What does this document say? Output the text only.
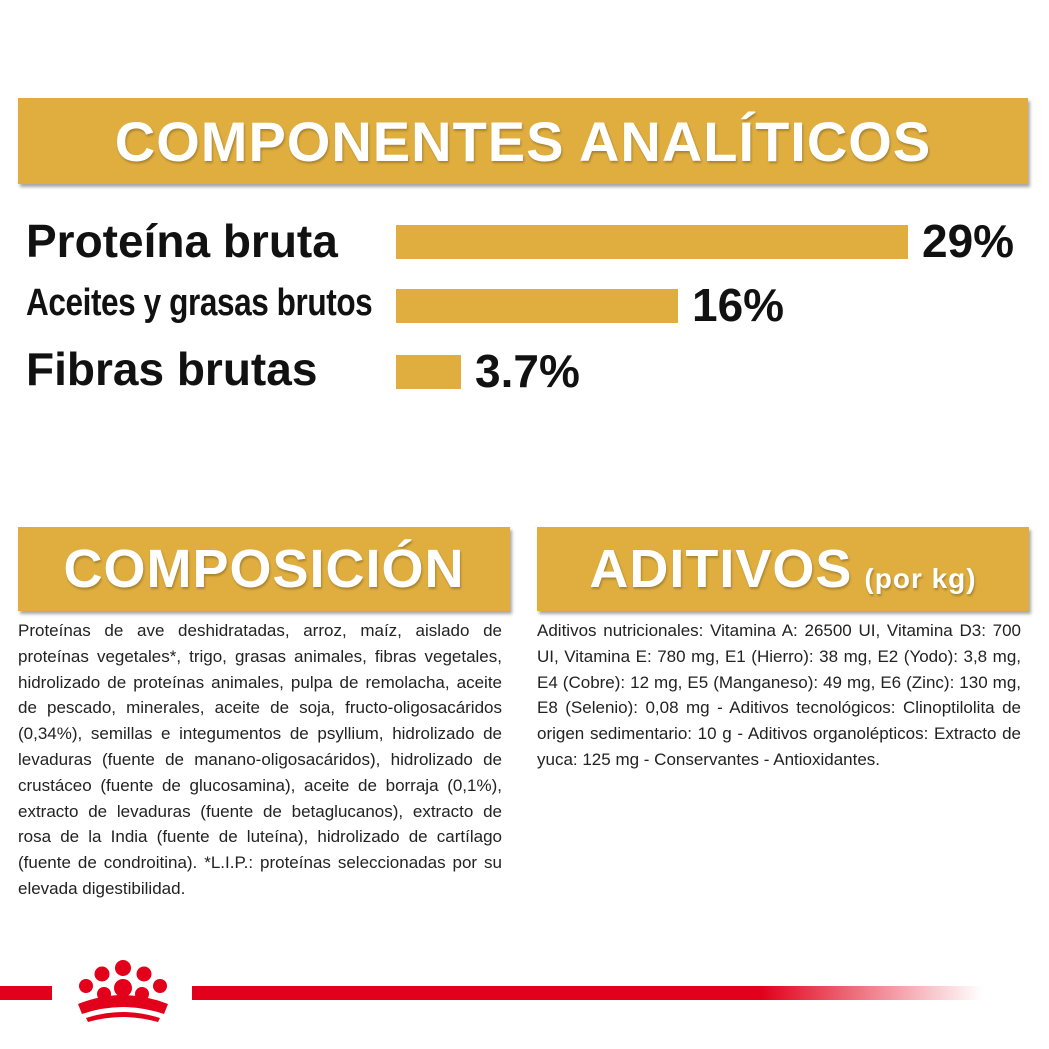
COMPONENTES ANALÍTICOS
Proteína bruta	29%
Aceites y grasas brutos	16%
Fibras brutas	3.7%
COMPOSICIÓN

Proteínas de ave deshidratadas, arroz, maíz, aislado de proteínas vegetales*, trigo, grasas animales, fibras vegetales, hidrolizado de proteínas animales, pulpa de remolacha, aceite de pescado, minerales, aceite de soja, fructo-oligosacáridos (0,34%), semillas e integumentos de psyllium, hidrolizado de levaduras (fuente de manano-oligosacáridos), hidrolizado de crustáceo (fuente de glucosamina), aceite de borraja (0,1%), extracto de levaduras (fuente de betaglucanos), extracto de rosa de la India (fuente de luteína), hidrolizado de cartílago (fuente de condroitina). *L.I.P.: proteínas seleccionadas por su elevada digestibilidad.

ADITIVOS (por kg)

Aditivos nutricionales: Vitamina A: 26500 UI, Vitamina D3: 700 UI, Vitamina E: 780 mg, E1 (Hierro): 38 mg, E2 (Yodo): 3,8 mg, E4 (Cobre): 12 mg, E5 (Manganeso): 49 mg, E6 (Zinc): 130 mg, E8 (Selenio): 0,08 mg - Aditivos tecnológicos: Clinoptilolita de origen sedimentario: 10 g - Aditivos organolépticos: Extracto de yuca: 125 mg - Conservantes - Antioxidantes.
